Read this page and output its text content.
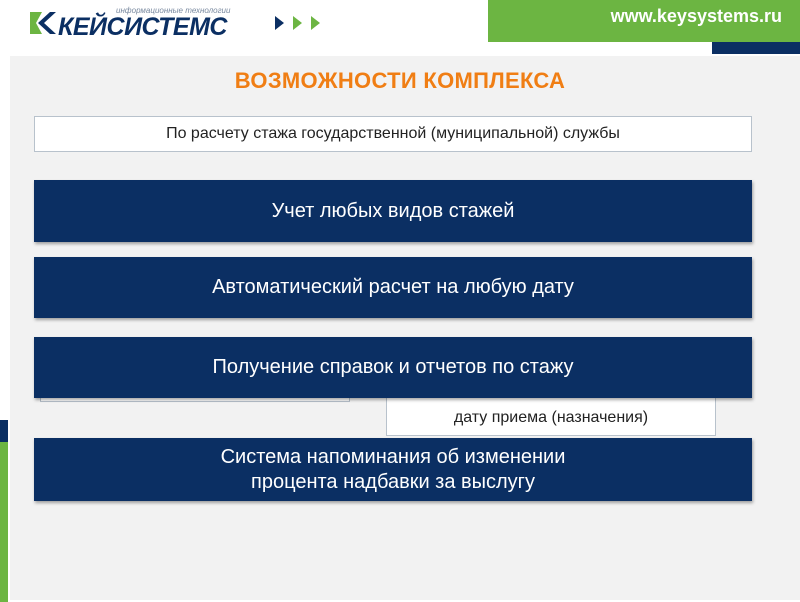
информационные технологии
КЕЙСИСТЕМС	www.keysystems.ru
ВОЗМОЖНОСТИ КОМПЛЕКСА
По расчету стажа государственной (муниципальной) службы
дату приема (назначения)
Учет любых видов стажей
Автоматический расчет на любую дату
Получение справок и отчетов по стажу
Система напоминания об изменении процента надбавки за выслугу
